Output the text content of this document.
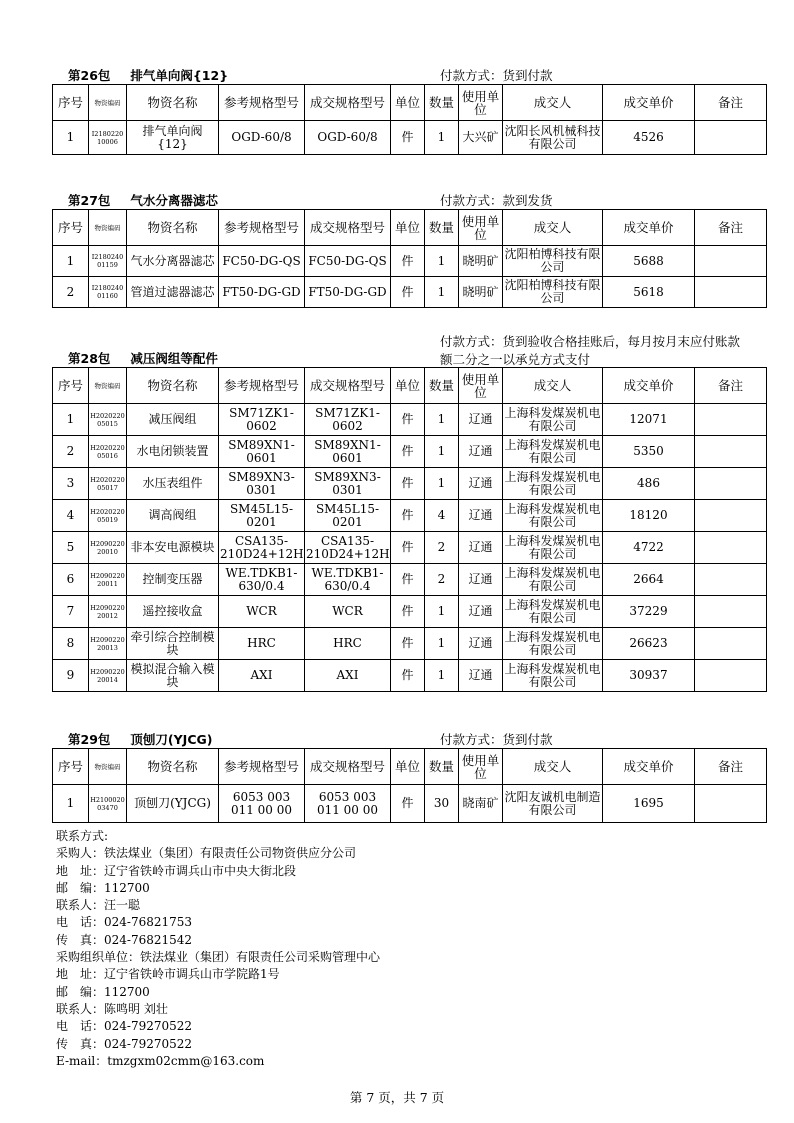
第26包 排气单向阀{12}	付款方式：货到付款
序号	物资编码	物资名称	参考规格型号	成交规格型号	单位	数量	使用单位	成交人	成交单价	备注
1	I2180220 10006	排气单向阀{12}	OGD-60/8	OGD-60/8	件	1	大兴矿	沈阳长风机械科技有限公司	4526	
第27包 气水分离器滤芯	付款方式：款到发货
序号	物资编码	物资名称	参考规格型号	成交规格型号	单位	数量	使用单位	成交人	成交单价	备注
1	I2180240 01159	气水分离器滤芯	FC50-DG-QS	FC50-DG-QS	件	1	晓明矿	沈阳柏博科技有限公司	5688	
2	I2180240 01160	管道过滤器滤芯	FT50-DG-GD	FT50-DG-GD	件	1	晓明矿	沈阳柏博科技有限公司	5618	
付款方式：货到验收合格挂账后，每月按月末应付账款
额二分之一以承兑方式支付
第28包 减压阀组等配件
序号	物资编码	物资名称	参考规格型号	成交规格型号	单位	数量	使用单位	成交人	成交单价	备注
1	H2020220 05015	减压阀组	SM71ZK1-0602	SM71ZK1-0602	件	1	辽通	上海科发煤炭机电有限公司	12071	
2	H2020220 05016	水电闭锁装置	SM89XN1-0601	SM89XN1-0601	件	1	辽通	上海科发煤炭机电有限公司	5350	
3	H2020220 05017	水压表组件	SM89XN3-0301	SM89XN3-0301	件	1	辽通	上海科发煤炭机电有限公司	486	
4	H2020220 05019	调高阀组	SM45L15-0201	SM45L15-0201	件	4	辽通	上海科发煤炭机电有限公司	18120	
5	H2090220 20010	非本安电源模块	CSA135-210D24+12H	CSA135-210D24+12H	件	2	辽通	上海科发煤炭机电有限公司	4722	
6	H2090220 20011	控制变压器	WE.TDKB1-630/0.4	WE.TDKB1-630/0.4	件	2	辽通	上海科发煤炭机电有限公司	2664	
7	H2090220 20012	遥控接收盒	WCR	WCR	件	1	辽通	上海科发煤炭机电有限公司	37229	
8	H2090220 20013	牵引综合控制模块	HRC	HRC	件	1	辽通	上海科发煤炭机电有限公司	26623	
9	H2090220 20014	模拟混合输入模块	AXI	AXI	件	1	辽通	上海科发煤炭机电有限公司	30937	
第29包 顶刨刀(YJCG)	付款方式：货到付款
序号	物资编码	物资名称	参考规格型号	成交规格型号	单位	数量	使用单位	成交人	成交单价	备注
1	H2100020 03470	顶刨刀(YJCG)	6053 003 011 00 00	6053 003 011 00 00	件	30	晓南矿	沈阳友诚机电制造有限公司	1695	
联系方式:
采购人：铁法煤业（集团）有限责任公司物资供应分公司
地　址：辽宁省铁岭市调兵山市中央大街北段
邮　编：112700
联系人：汪一聪
电　话：024-76821753
传　真：024-76821542
采购组织单位：铁法煤业（集团）有限责任公司采购管理中心
地　址：辽宁省铁岭市调兵山市学院路1号
邮　编：112700
联系人：陈鸣明 刘壮
电　话：024-79270522
传　真：024-79270522
E-mail：tmzgxm02cmm@163.com
第 7 页，共 7 页
